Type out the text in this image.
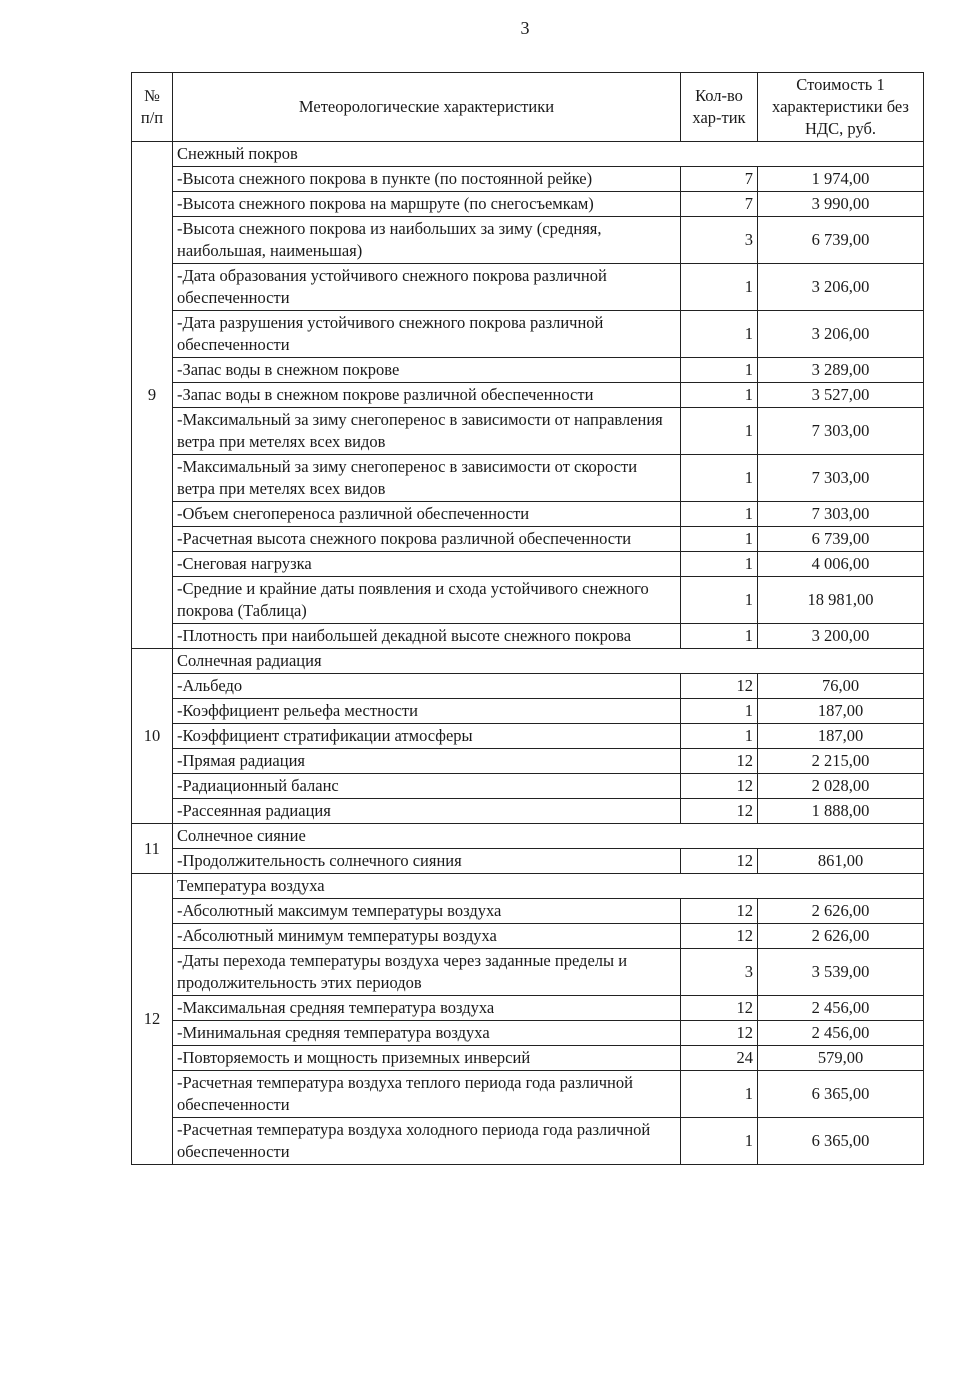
3
№ п/п	Метеорологические характеристики	Кол-во хар-тик	Стоимость 1 характеристики без НДС, руб.
9	Снежный покров		
	-Высота снежного покрова в пункте (по постоянной рейке)	7	1 974,00
	-Высота снежного покрова на маршруте (по снегосъемкам)	7	3 990,00
	-Высота снежного покрова из наибольших за зиму (средняя, наибольшая, наименьшая)	3	6 739,00
	-Дата образования устойчивого снежного покрова различной обеспеченности	1	3 206,00
	-Дата разрушения устойчивого снежного покрова различной обеспеченности	1	3 206,00
	-Запас воды в снежном покрове	1	3 289,00
	-Запас воды в снежном покрове различной обеспеченности	1	3 527,00
	-Максимальный за зиму снегоперенос в зависимости от направления ветра при метелях всех видов	1	7 303,00
	-Максимальный за зиму снегоперенос в зависимости от скорости ветра при метелях всех видов	1	7 303,00
	-Объем снегопереноса различной обеспеченности	1	7 303,00
	-Расчетная высота снежного покрова различной обеспеченности	1	6 739,00
	-Снеговая нагрузка	1	4 006,00
	-Средние и крайние даты появления и схода устойчивого снежного покрова (Таблица)	1	18 981,00
	-Плотность при наибольшей декадной высоте снежного покрова	1	3 200,00
10	Солнечная радиация		
	-Альбедо	12	76,00
	-Коэффициент рельефа местности	1	187,00
	-Коэффициент стратификации атмосферы	1	187,00
	-Прямая радиация	12	2 215,00
	-Радиационный баланс	12	2 028,00
	-Рассеянная радиация	12	1 888,00
11	Солнечное сияние		
	-Продолжительность солнечного сияния	12	861,00
12	Температура воздуха		
	-Абсолютный максимум температуры воздуха	12	2 626,00
	-Абсолютный минимум температуры воздуха	12	2 626,00
	-Даты перехода температуры воздуха через заданные пределы и продолжительность этих периодов	3	3 539,00
	-Максимальная средняя температура воздуха	12	2 456,00
	-Минимальная средняя температура воздуха	12	2 456,00
	-Повторяемость и мощность приземных инверсий	24	579,00
	-Расчетная температура воздуха теплого периода года различной обеспеченности	1	6 365,00
	-Расчетная температура воздуха холодного периода года различной обеспеченности	1	6 365,00
